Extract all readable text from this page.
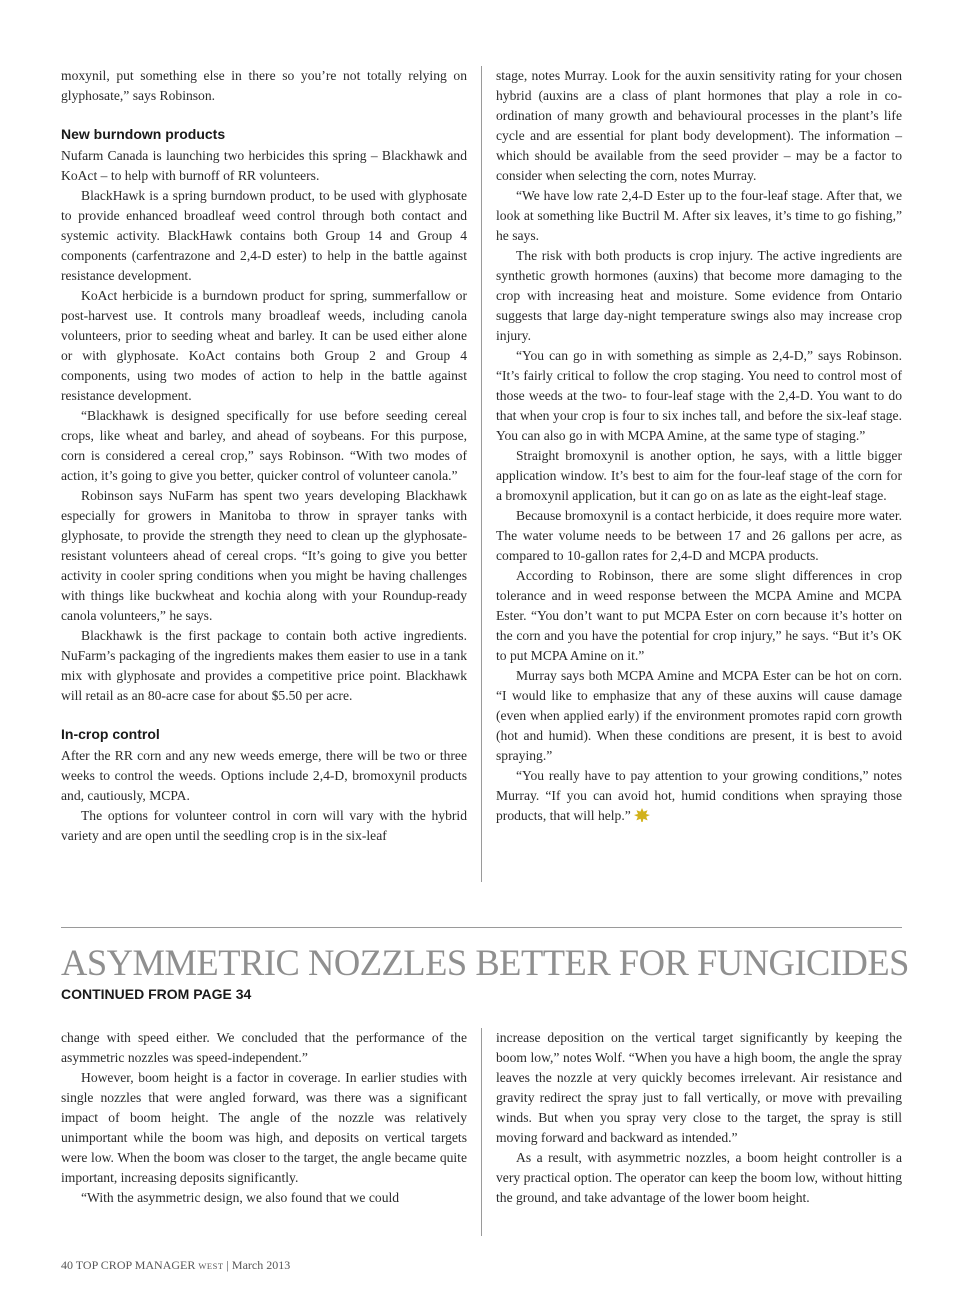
moxynil, put something else in there so you’re not totally relying on glyphosate,” says Robinson.

New burndown products

Nufarm Canada is launching two herbicides this spring – Blackhawk and KoAct – to help with burnoff of RR volunteers.

BlackHawk is a spring burndown product, to be used with glyphosate to provide enhanced broadleaf weed control through both contact and systemic activity. BlackHawk contains both Group 14 and Group 4 components (carfentrazone and 2,4-D ester) to help in the battle against resistance development.

KoAct herbicide is a burndown product for spring, summerfallow or post-harvest use. It controls many broadleaf weeds, including canola volunteers, prior to seeding wheat and barley. It can be used either alone or with glyphosate. KoAct contains both Group 2 and Group 4 components, using two modes of action to help in the battle against resistance development.

“Blackhawk is designed specifically for use before seeding cereal crops, like wheat and barley, and ahead of soybeans. For this purpose, corn is considered a cereal crop,” says Robinson. “With two modes of action, it’s going to give you better, quicker control of volunteer canola.”

Robinson says NuFarm has spent two years developing Blackhawk especially for growers in Manitoba to throw in sprayer tanks with glyphosate, to provide the strength they need to clean up the glyphosate-resistant volunteers ahead of cereal crops. “It’s going to give you better activity in cooler spring conditions when you might be having challenges with things like buckwheat and kochia along with your Roundup-ready canola volunteers,” he says.

Blackhawk is the first package to contain both active ingredients. NuFarm’s packaging of the ingredients makes them easier to use in a tank mix with glyphosate and provides a competitive price point. Blackhawk will retail as an 80-acre case for about $5.50 per acre.

In-crop control

After the RR corn and any new weeds emerge, there will be two or three weeks to control the weeds. Options include 2,4-D, bromoxynil products and, cautiously, MCPA.

The options for volunteer control in corn will vary with the hybrid variety and are open until the seedling crop is in the six-leaf

stage, notes Murray. Look for the auxin sensitivity rating for your chosen hybrid (auxins are a class of plant hormones that play a role in co-ordination of many growth and behavioural processes in the plant’s life cycle and are essential for plant body development). The information – which should be available from the seed provider – may be a factor to consider when selecting the corn, notes Murray.

“We have low rate 2,4-D Ester up to the four-leaf stage. After that, we look at something like Buctril M. After six leaves, it’s time to go fishing,” he says.

The risk with both products is crop injury. The active ingredients are synthetic growth hormones (auxins) that become more damaging to the crop with increasing heat and moisture. Some evidence from Ontario suggests that large day-night temperature swings also may increase crop injury.

“You can go in with something as simple as 2,4-D,” says Robinson. “It’s fairly critical to follow the crop staging. You need to control most of those weeds at the two- to four-leaf stage with the 2,4-D. You want to do that when your crop is four to six inches tall, and before the six-leaf stage. You can also go in with MCPA Amine, at the same type of staging.”

Straight bromoxynil is another option, he says, with a little bigger application window. It’s best to aim for the four-leaf stage of the corn for a bromoxynil application, but it can go on as late as the eight-leaf stage.

Because bromoxynil is a contact herbicide, it does require more water. The water volume needs to be between 17 and 26 gallons per acre, as compared to 10-gallon rates for 2,4-D and MCPA products.

According to Robinson, there are some slight differences in crop tolerance and in weed response between the MCPA Amine and MCPA Ester. “You don’t want to put MCPA Ester on corn because it’s hotter on the corn and you have the potential for crop injury,” he says. “But it’s OK to put MCPA Amine on it.”

Murray says both MCPA Amine and MCPA Ester can be hot on corn. “I would like to emphasize that any of these auxins will cause damage (even when applied early) if the environment promotes rapid corn growth (hot and humid). When these conditions are present, it is best to avoid spraying.”

“You really have to pay attention to your growing conditions,” notes Murray. “If you can avoid hot, humid conditions when spraying those products, that will help.”

ASYMMETRIC NOZZLES BETTER FOR FUNGICIDES
CONTINUED FROM PAGE 34

change with speed either. We concluded that the performance of the asymmetric nozzles was speed-independent.”

However, boom height is a factor in coverage. In earlier studies with single nozzles that were angled forward, was there was a significant impact of boom height. The angle of the nozzle was relatively unimportant while the boom was high, and deposits on vertical targets were low. When the boom was closer to the target, the angle became quite important, increasing deposits significantly.

“With the asymmetric design, we also found that we could

increase deposition on the vertical target significantly by keeping the boom low,” notes Wolf. “When you have a high boom, the angle the spray leaves the nozzle at very quickly becomes irrelevant. Air resistance and gravity redirect the spray just to fall vertically, or move with prevailing winds. But when you spray very close to the target, the spray is still moving forward and backward as intended.”

As a result, with asymmetric nozzles, a boom height controller is a very practical option. The operator can keep the boom low, without hitting the ground, and take advantage of the lower boom height.

40 TOP CROP MANAGER WEST | March 2013
